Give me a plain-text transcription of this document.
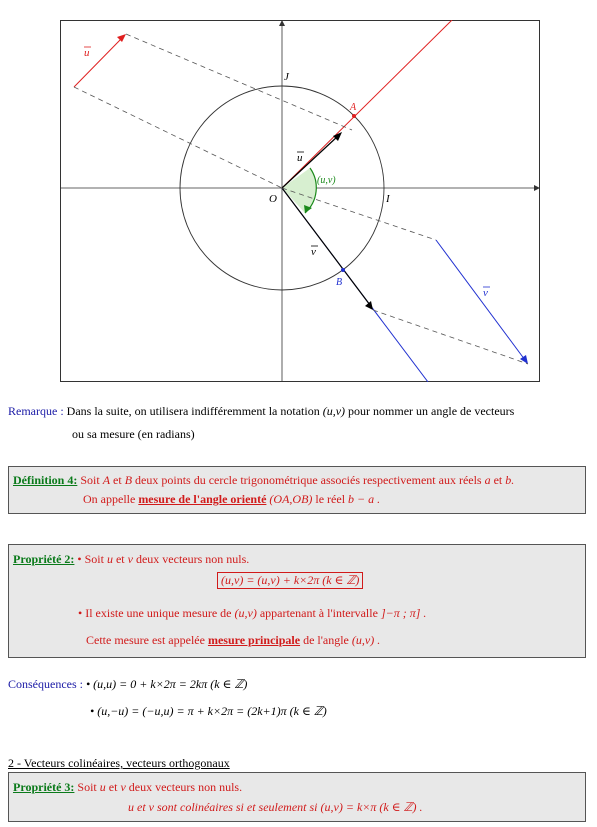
u
u
v
v
(u,v)
J
A
O	I
B
Remarque : Dans la suite, on utilisera indifféremment la notation (u,v) pour nommer un angle de vecteurs
ou sa mesure (en radians)
Définition 4: Soit A et B deux points du cercle trigonométrique associés respectivement aux réels a et b.
On appelle mesure de l'angle orienté (OA,OB) le réel b − a .
Propriété 2: • Soit u et v deux vecteurs non nuls.
(u,v) = (u,v) + k×2π (k ∈ ℤ)
• Il existe une unique mesure de (u,v) appartenant à l'intervalle ]−π ; π] .
Cette mesure est appelée mesure principale de l'angle (u,v) .
Conséquences : • (u,u) = 0 + k×2π = 2kπ (k ∈ ℤ)
• (u,−u) = (−u,u) = π + k×2π = (2k+1)π (k ∈ ℤ)
2 - Vecteurs colinéaires, vecteurs orthogonaux
Propriété 3: Soit u et v deux vecteurs non nuls.
u et v sont colinéaires si et seulement si (u,v) = k×π (k ∈ ℤ) .
